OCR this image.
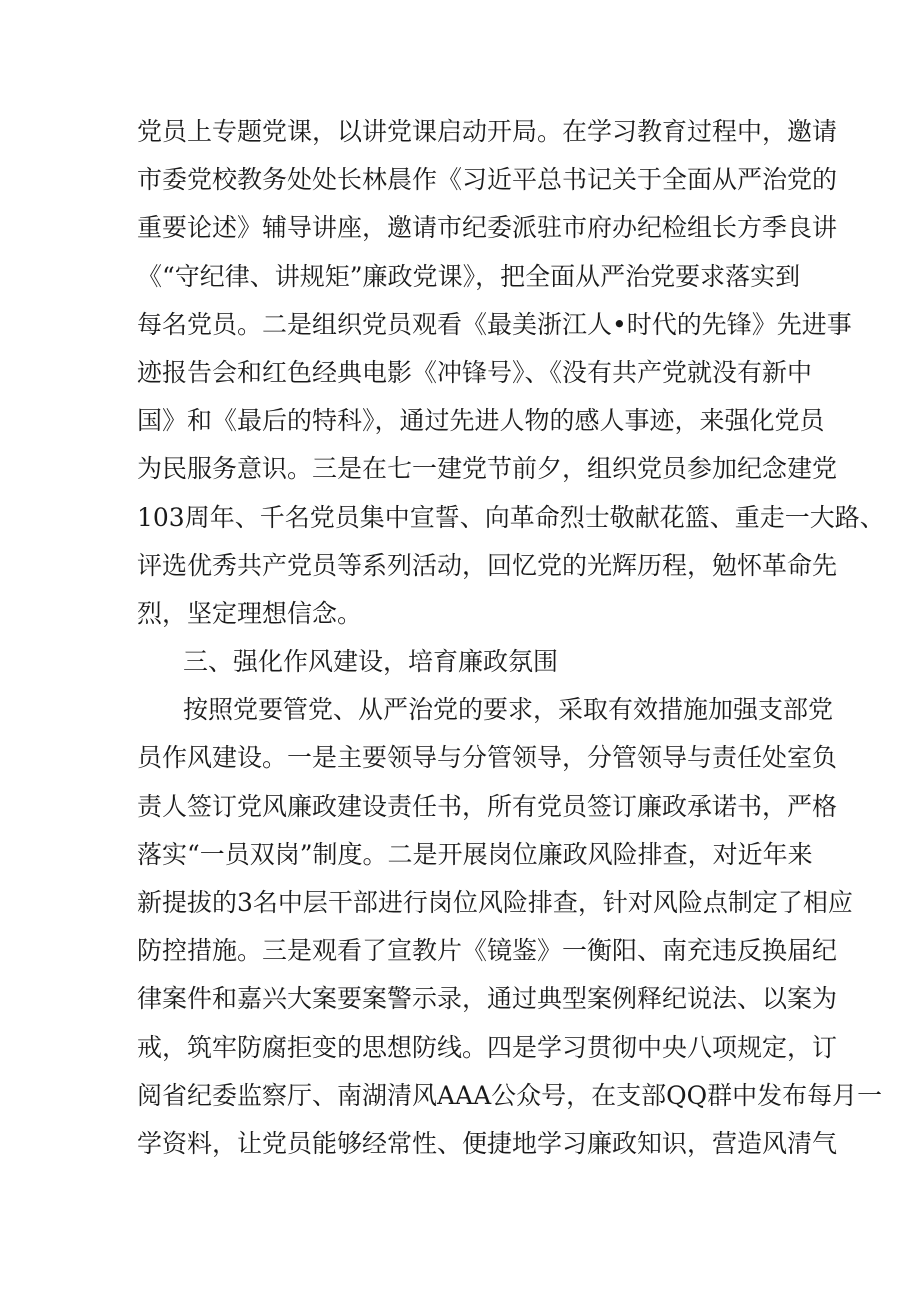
党员上专题党课，以讲党课启动开局。在学习教育过程中，邀请
市委党校教务处处长林晨作《习近平总书记关于全面从严治党的
重要论述》辅导讲座，邀请市纪委派驻市府办纪检组长方季良讲
《“守纪律、讲规矩”廉政党课》，把全面从严治党要求落实到
每名党员。二是组织党员观看《最美浙江人•时代的先锋》先进事
迹报告会和红色经典电影《冲锋号》、《没有共产党就没有新中
国》和《最后的特科》，通过先进人物的感人事迹，来强化党员
为民服务意识。三是在七一建党节前夕，组织党员参加纪念建党
103周年、千名党员集中宣誓、向革命烈士敬献花篮、重走一大路、
评选优秀共产党员等系列活动，回忆党的光辉历程，勉怀革命先
烈，坚定理想信念。
三、强化作风建设，培育廉政氛围
按照党要管党、从严治党的要求，采取有效措施加强支部党
员作风建设。一是主要领导与分管领导，分管领导与责任处室负
责人签订党风廉政建设责任书，所有党员签订廉政承诺书，严格
落实“一员双岗”制度。二是开展岗位廉政风险排查，对近年来
新提拔的3名中层干部进行岗位风险排查，针对风险点制定了相应
防控措施。三是观看了宣教片《镜鉴》一衡阳、南充违反换届纪
律案件和嘉兴大案要案警示录，通过典型案例释纪说法、以案为
戒，筑牢防腐拒变的思想防线。四是学习贯彻中央八项规定，订
阅省纪委监察厅、南湖清风AAA公众号，在支部QQ群中发布每月一
学资料，让党员能够经常性、便捷地学习廉政知识，营造风清气
